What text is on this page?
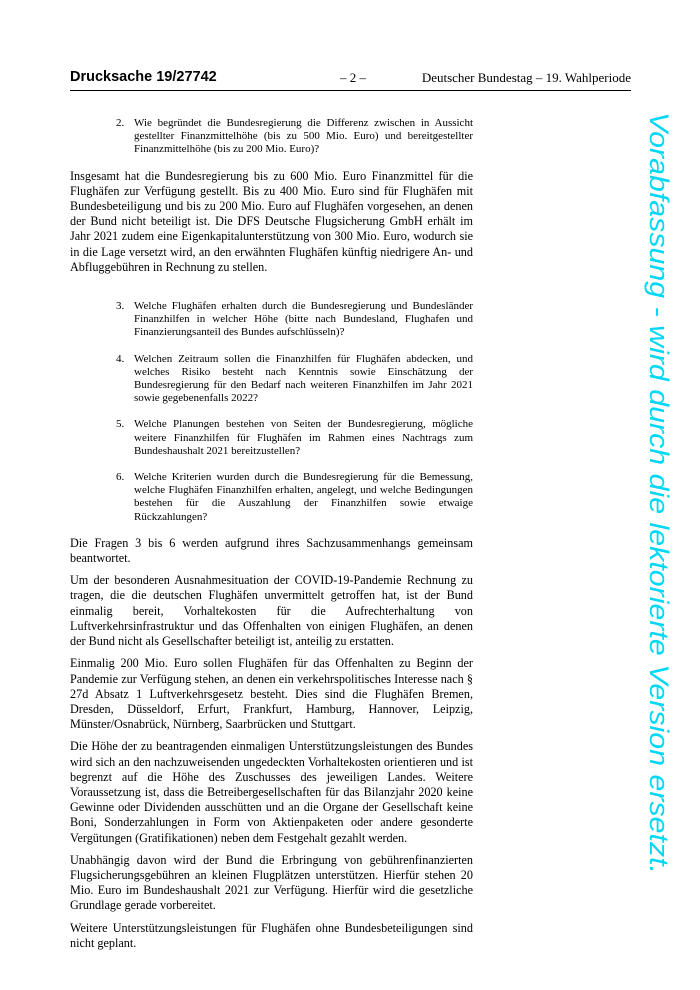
Drucksache 19/27742	– 2 –	Deutscher Bundestag – 19. Wahlperiode
2. Wie begründet die Bundesregierung die Differenz zwischen in Aussicht gestellter Finanzmittelhöhe (bis zu 500 Mio. Euro) und bereitgestellter Finanzmittelhöhe (bis zu 200 Mio. Euro)?
Insgesamt hat die Bundesregierung bis zu 600 Mio. Euro Finanzmittel für die Flughäfen zur Verfügung gestellt. Bis zu 400 Mio. Euro sind für Flughäfen mit Bundesbeteiligung und bis zu 200 Mio. Euro auf Flughäfen vorgesehen, an denen der Bund nicht beteiligt ist. Die DFS Deutsche Flugsicherung GmbH erhält im Jahr 2021 zudem eine Eigenkapitalunterstützung von 300 Mio. Euro, wodurch sie in die Lage versetzt wird, an den erwähnten Flughäfen künftig niedrigere An- und Abfluggebühren in Rechnung zu stellen.
3. Welche Flughäfen erhalten durch die Bundesregierung und Bundesländer Finanzhilfen in welcher Höhe (bitte nach Bundesland, Flughafen und Finanzierungsanteil des Bundes aufschlüsseln)?
4. Welchen Zeitraum sollen die Finanzhilfen für Flughäfen abdecken, und welches Risiko besteht nach Kenntnis sowie Einschätzung der Bundesregierung für den Bedarf nach weiteren Finanzhilfen im Jahr 2021 sowie gegebenenfalls 2022?
5. Welche Planungen bestehen von Seiten der Bundesregierung, mögliche weitere Finanzhilfen für Flughäfen im Rahmen eines Nachtrags zum Bundeshaushalt 2021 bereitzustellen?
6. Welche Kriterien wurden durch die Bundesregierung für die Bemessung, welche Flughäfen Finanzhilfen erhalten, angelegt, und welche Bedingungen bestehen für die Auszahlung der Finanzhilfen sowie etwaige Rückzahlungen?
Die Fragen 3 bis 6 werden aufgrund ihres Sachzusammenhangs gemeinsam beantwortet.
Um der besonderen Ausnahmesituation der COVID-19-Pandemie Rechnung zu tragen, die die deutschen Flughäfen unvermittelt getroffen hat, ist der Bund einmalig bereit, Vorhaltekosten für die Aufrechterhaltung von Luftverkehrsinfrastruktur und das Offenhalten von einigen Flughäfen, an denen der Bund nicht als Gesellschafter beteiligt ist, anteilig zu erstatten.
Einmalig 200 Mio. Euro sollen Flughäfen für das Offenhalten zu Beginn der Pandemie zur Verfügung stehen, an denen ein verkehrspolitisches Interesse nach § 27d Absatz 1 Luftverkehrsgesetz besteht. Dies sind die Flughäfen Bremen, Dresden, Düsseldorf, Erfurt, Frankfurt, Hamburg, Hannover, Leipzig, Münster/Osnabrück, Nürnberg, Saarbrücken und Stuttgart.
Die Höhe der zu beantragenden einmaligen Unterstützungsleistungen des Bundes wird sich an den nachzuweisenden ungedeckten Vorhaltekosten orientieren und ist begrenzt auf die Höhe des Zuschusses des jeweiligen Landes. Weitere Voraussetzung ist, dass die Betreibergesellschaften für das Bilanzjahr 2020 keine Gewinne oder Dividenden ausschütten und an die Organe der Gesellschaft keine Boni, Sonderzahlungen in Form von Aktienpaketen oder andere gesonderte Vergütungen (Gratifikationen) neben dem Festgehalt gezahlt werden.
Unabhängig davon wird der Bund die Erbringung von gebührenfinanzierten Flugsicherungsgebühren an kleinen Flugplätzen unterstützen. Hierfür stehen 20 Mio. Euro im Bundeshaushalt 2021 zur Verfügung. Hierfür wird die gesetzliche Grundlage gerade vorbereitet.
Weitere Unterstützungsleistungen für Flughäfen ohne Bundesbeteiligungen sind nicht geplant.
Vorabfassung - wird durch die lektorierte Version ersetzt.
